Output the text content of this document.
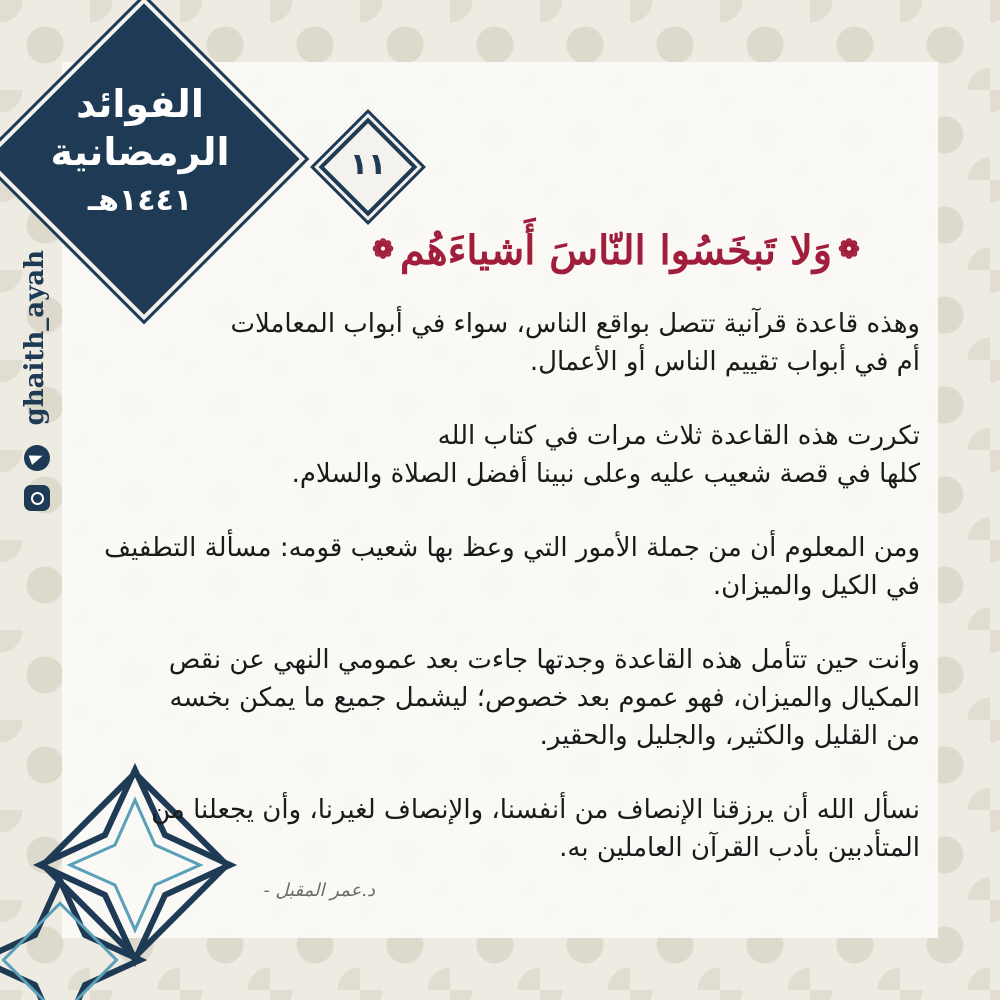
الفوائد
الرمضانية
١٤٤١هـ
١١
❁
وَلا تَبخَسُوا النّاسَ أَشياءَهُم
❁

وهذه قاعدة قرآنية تتصل بواقع الناس، سواء في أبواب المعاملات

أم في أبواب تقييم الناس أو الأعمال.

تكررت هذه القاعدة ثلاث مرات في كتاب الله

كلها في قصة شعيب عليه وعلى نبينا أفضل الصلاة والسلام.

ومن المعلوم أن من جملة الأمور التي وعظ بها شعيب قومه: مسألة التطفيف

في الكيل والميزان.

وأنت حين تتأمل هذه القاعدة وجدتها جاءت بعد عمومي النهي عن نقص

المكيال والميزان، فهو عموم بعد خصوص؛ ليشمل جميع ما يمكن بخسه

من القليل والكثير، والجليل والحقير.

نسأل الله أن يرزقنا الإنصاف من أنفسنا، والإنصاف لغيرنا، وأن يجعلنا من

المتأدبين بأدب القرآن العاملين به.

د.عمر المقبل -
ghaith_ayah
